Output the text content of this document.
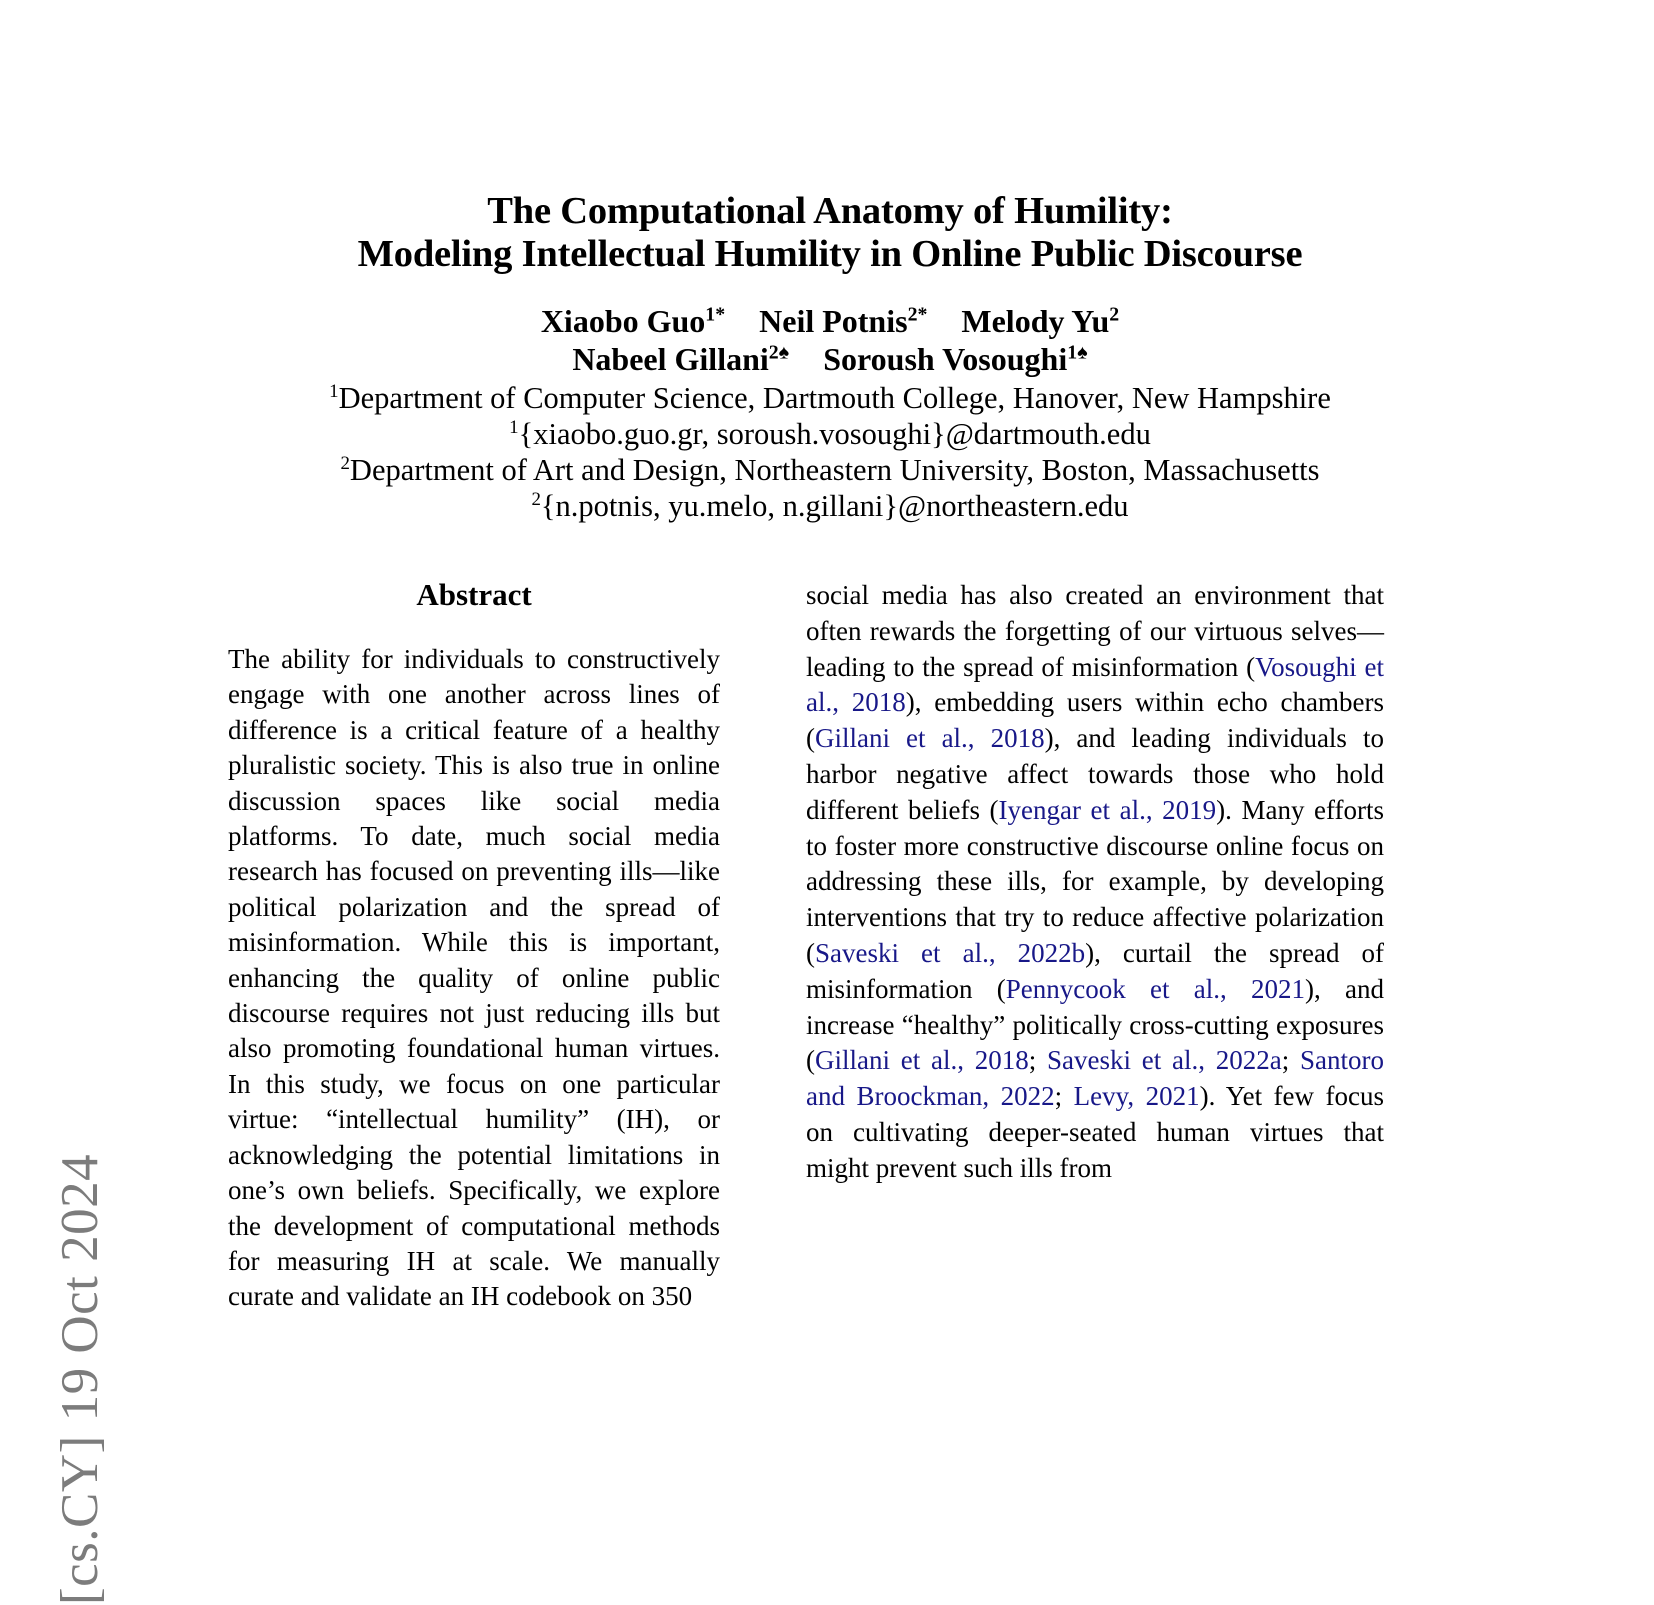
[cs.CY] 19 Oct 2024
The Computational Anatomy of Humility:
Modeling Intellectual Humility in Online Public Discourse
Xiaobo Guo$^{1*}$ Neil Potnis$^{2*}$ Melody Yu$^2$
Nabeel Gillani$^{2♠}$ Soroush Vosoughi$^{1♠}$
$^1$Department of Computer Science, Dartmouth College, Hanover, New Hampshire
$^1${xiaobo.guo.gr, soroush.vosoughi}@dartmouth.edu
$^2$Department of Art and Design, Northeastern University, Boston, Massachusetts
$^2${n.potnis, yu.melo, n.gillani}@northeastern.edu
Abstract

The ability for individuals to constructively engage with one another across lines of difference is a critical feature of a healthy pluralistic society. This is also true in online discussion spaces like social media platforms. To date, much social media research has focused on preventing ills—like political polarization and the spread of misinformation. While this is important, enhancing the quality of online public discourse requires not just reducing ills but also promoting foundational human virtues. In this study, we focus on one particular virtue: “intellectual humility” (IH), or acknowledging the potential limitations in one’s own beliefs. Specifically, we explore the development of computational methods for measuring IH at scale. We manually curate and validate an IH codebook on 350

social media has also created an environment that often rewards the forgetting of our virtuous selves—leading to the spread of misinformation (Vosoughi et al., 2018), embedding users within echo chambers (Gillani et al., 2018), and leading individuals to harbor negative affect towards those who hold different beliefs (Iyengar et al., 2019). Many efforts to foster more constructive discourse online focus on addressing these ills, for example, by developing interventions that try to reduce affective polarization (Saveski et al., 2022b), curtail the spread of misinformation (Pennycook et al., 2021), and increase “healthy” politically cross-cutting exposures (Gillani et al., 2018; Saveski et al., 2022a; Santoro and Broockman, 2022; Levy, 2021). Yet few focus on cultivating deeper-seated human virtues that might prevent such ills from
